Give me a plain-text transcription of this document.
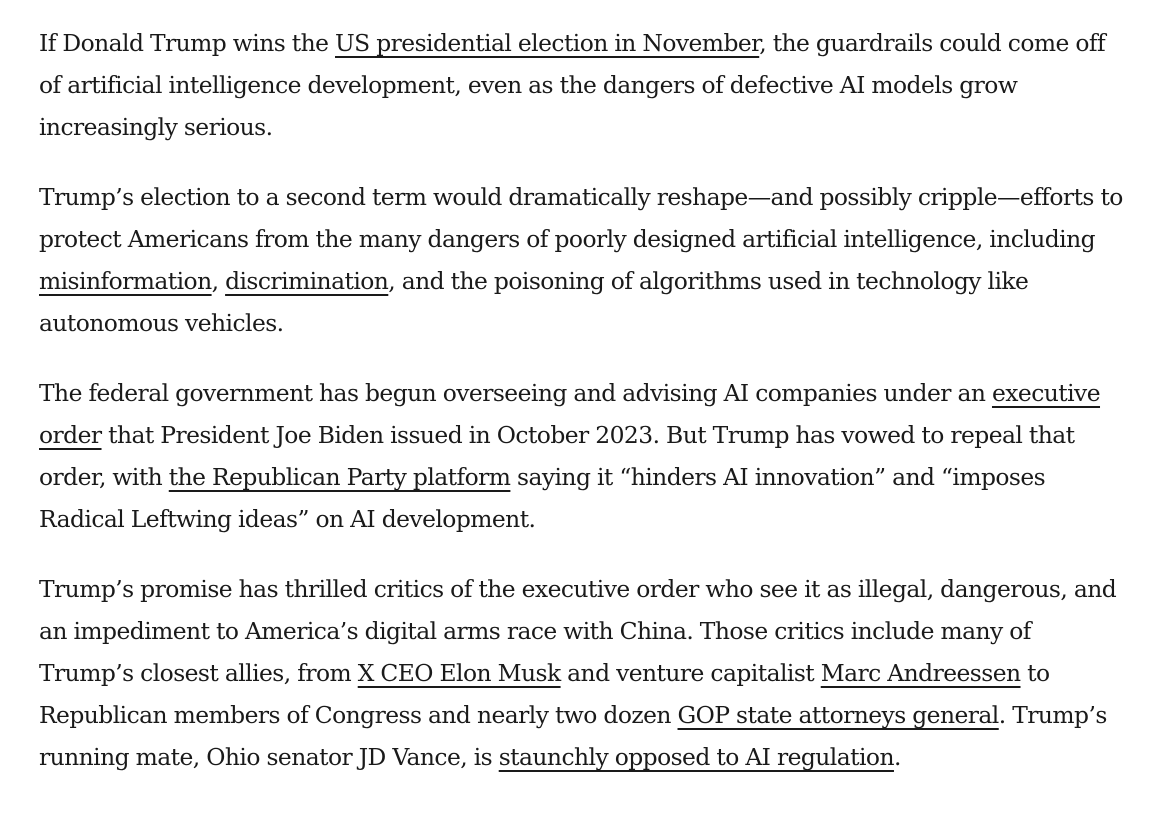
If Donald Trump wins the US presidential election in November, the guardrails could come off of artificial intelligence development, even as the dangers of defective AI models grow increasingly serious.

Trump’s election to a second term would dramatically reshape—and possibly cripple—efforts to protect Americans from the many dangers of poorly designed artificial intelligence, including misinformation, discrimination, and the poisoning of algorithms used in technology like autonomous vehicles.

The federal government has begun overseeing and advising AI companies under an executive order that President Joe Biden issued in October 2023. But Trump has vowed to repeal that order, with the Republican Party platform saying it “hinders AI innovation” and “imposes Radical Leftwing ideas” on AI development.

Trump’s promise has thrilled critics of the executive order who see it as illegal, dangerous, and an impediment to America’s digital arms race with China. Those critics include many of Trump’s closest allies, from X CEO Elon Musk and venture capitalist Marc Andreessen to Republican members of Congress and nearly two dozen GOP state attorneys general. Trump’s running mate, Ohio senator JD Vance, is staunchly opposed to AI regulation.
